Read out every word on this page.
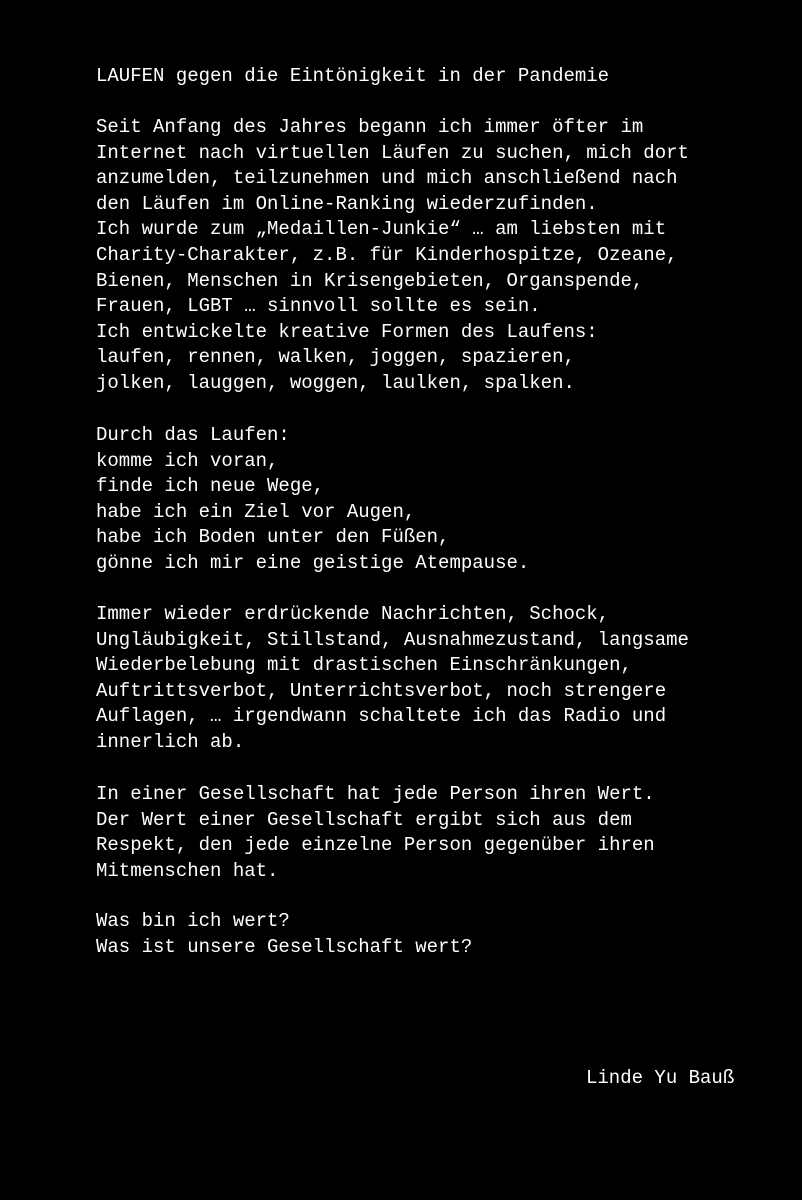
LAUFEN gegen die Eintönigkeit in der Pandemie
Seit Anfang des Jahres begann ich immer öfter im
Internet nach virtuellen Läufen zu suchen, mich dort
anzumelden, teilzunehmen und mich anschließend nach
den Läufen im Online-Ranking wiederzufinden.
Ich wurde zum „Medaillen-Junkie“ … am liebsten mit
Charity-Charakter, z.B. für Kinderhospitze, Ozeane,
Bienen, Menschen in Krisengebieten, Organspende,
Frauen, LGBT … sinnvoll sollte es sein.
Ich entwickelte kreative Formen des Laufens:
laufen, rennen, walken, joggen, spazieren,
jolken, lauggen, woggen, laulken, spalken.
Durch das Laufen:
komme ich voran,
finde ich neue Wege,
habe ich ein Ziel vor Augen,
habe ich Boden unter den Füßen,
gönne ich mir eine geistige Atempause.
Immer wieder erdrückende Nachrichten, Schock,
Ungläubigkeit, Stillstand, Ausnahmezustand, langsame
Wiederbelebung mit drastischen Einschränkungen,
Auftrittsverbot, Unterrichtsverbot, noch strengere
Auflagen, … irgendwann schaltete ich das Radio und
innerlich ab.
In einer Gesellschaft hat jede Person ihren Wert.
Der Wert einer Gesellschaft ergibt sich aus dem
Respekt, den jede einzelne Person gegenüber ihren
Mitmenschen hat.
Was bin ich wert?
Was ist unsere Gesellschaft wert?
Linde Yu Bauß
